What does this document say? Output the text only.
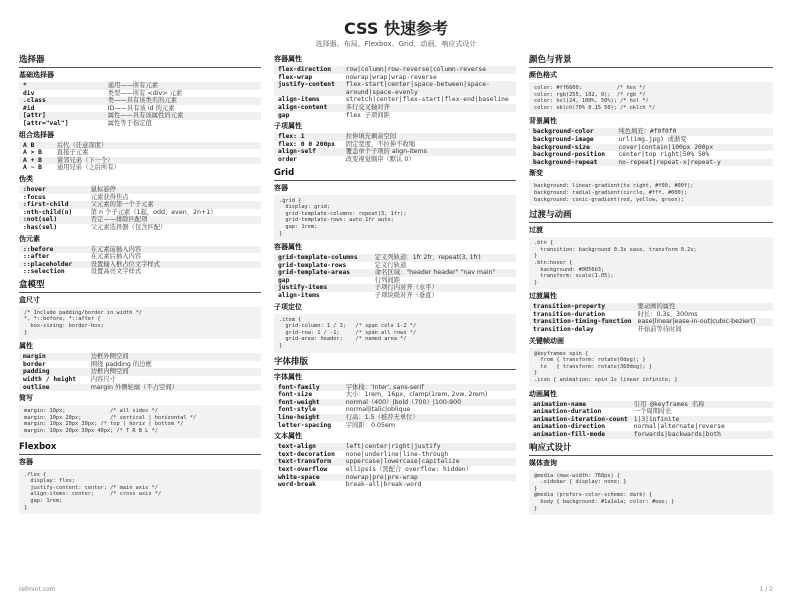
CSS 快速参考
选择器、布局、Flexbox、Grid、动画、响应式设计
选择器
基础选择器
*	通用——所有元素
div	类型——所有 <div> 元素
.class	类——具有该类名的元素
#id	ID——具有该 id 的元素
[attr]	属性——具有该属性的元素
[attr="val"]	属性等于指定值
组合选择器
A B	后代（任意深度）
A > B	直接子元素
A + B	紧邻兄弟（下一个）
A ~ B	通用兄弟（之后所有）
伪类
:hover	鼠标悬停
:focus	元素获得焦点
:first-child	父元素的第一个子元素
:nth-child(n)	第 n 个子元素（1起，odd、even、2n+1）
:not(sel)	否定——排除匹配项
:has(sel)	父元素选择器（包含匹配）
伪元素
::before	在元素前插入内容
::after	在元素后插入内容
::placeholder	设置输入框占位文字样式
::selection	设置高亮文字样式
盒模型
盒尺寸
/* Include padding/border in width */
*, *::before, *::after {
box-sizing: border-box;
}
属性
margin	边框外侧空间
border	围绕 padding 的边框
padding	边框内侧空间
width / height	内容尺寸
outline	margin 外侧轮廓（不占空间）
简写
margin: 10px;              /* all sides */
margin: 10px 20px;         /* vertical | horizontal */
margin: 10px 20px 30px; /* top | horiz | bottom */
margin: 10px 20px 30px 40px; /* T R B L */
Flexbox
容器
.flex {
display: flex;
justify-content: center; /* main axis */
align-items: center;     /* cross axis */
gap: 1rem;
}
容器属性
flex-direction	row|column|row-reverse|column-reverse
flex-wrap	nowrap|wrap|wrap-reverse
justify-content	flex-start|center|space-between|space-around|space-evenly
align-items	stretch|center|flex-start|flex-end|baseline
align-content	多行交叉轴对齐
gap	flex 子项间距
子项属性
flex: 1	拉伸填充剩余空间
flex: 0 0 200px	固定宽度，不拉伸不收缩
align-self	覆盖单个子项的 align-items
order	改变视觉顺序（默认 0）
Grid
容器
.grid {
display: grid;
grid-template-columns: repeat(3, 1fr);
grid-template-rows: auto 1fr auto;
gap: 1rem;
}
容器属性
grid-template-columns	定义列轨道：1fr 2fr、repeat(3, 1fr)
grid-template-rows	定义行轨道
grid-template-areas	命名区域："header header" "nav main"
gap	行列间距
justify-items	子项行内对齐（水平）
align-items	子项块级对齐（垂直）
子项定位
.item {
grid-column: 1 / 3;   /* span cols 1-2 */
grid-row: 1 / -1;     /* span all rows */
grid-area: header;    /* named area */
}
字体排版
字体属性
font-family	字体栈：'Inter', sans-serif
font-size	大小：1rem、16px、clamp(1rem, 2vw, 2rem)
font-weight	normal（400）|bold（700）|100-900
font-style	normal|italic|oblique
line-height	行高：1.5（推荐无单位）
letter-spacing	字间距：0.05em
文本属性
text-align	left|center|right|justify
text-decoration	none|underline|line-through
text-transform	uppercase|lowercase|capitalize
text-overflow	ellipsis（需配合 overflow: hidden）
white-space	nowrap|pre|pre-wrap
word-break	break-all|break-word
颜色与背景
颜色格式
color: #ff6600;           /* hex */
color: rgb(255, 102, 0);  /* rgb */
color: hsl(24, 100%, 50%); /* hsl */
color: oklch(70% 0.15 50); /* oklch */
背景属性
background-color	纯色填充：#f0f0f0
background-image	url(img.jpg) 或渐变
background-size	cover|contain|100px 200px
background-position	center|top right|50% 50%
background-repeat	no-repeat|repeat-x|repeat-y
渐变
background: linear-gradient(to right, #f00, #00f);
background: radial-gradient(circle, #fff, #000);
background: conic-gradient(red, yellow, green);
过渡与动画
过渡
.btn {
transition: background 0.3s ease, transform 0.2s;
}
.btn:hover {
background: #0056b3;
transform: scale(1.05);
}
过渡属性
transition-property	要动画的属性
transition-duration	时长：0.3s、300ms
transition-timing-function	ease|linear|ease-in-out|cubic-bezier()
transition-delay	开始前等待时间
关键帧动画
@keyframes spin {
from { transform: rotate(0deg); }
to   { transform: rotate(360deg); }
}
.icon { animation: spin 1s linear infinite; }
动画属性
animation-name	引用 @keyframes 名称
animation-duration	一个周期时长
animation-iteration-count	1|3|infinite
animation-direction	normal|alternate|reverse
animation-fill-mode	forwards|backwards|both
响应式设计
媒体查询
@media (max-width: 768px) {
.sidebar { display: none; }
}
@media (prefers-color-scheme: dark) {
body { background: #1a1a1a; color: #eee; }
}
refmint.com	1 / 2
